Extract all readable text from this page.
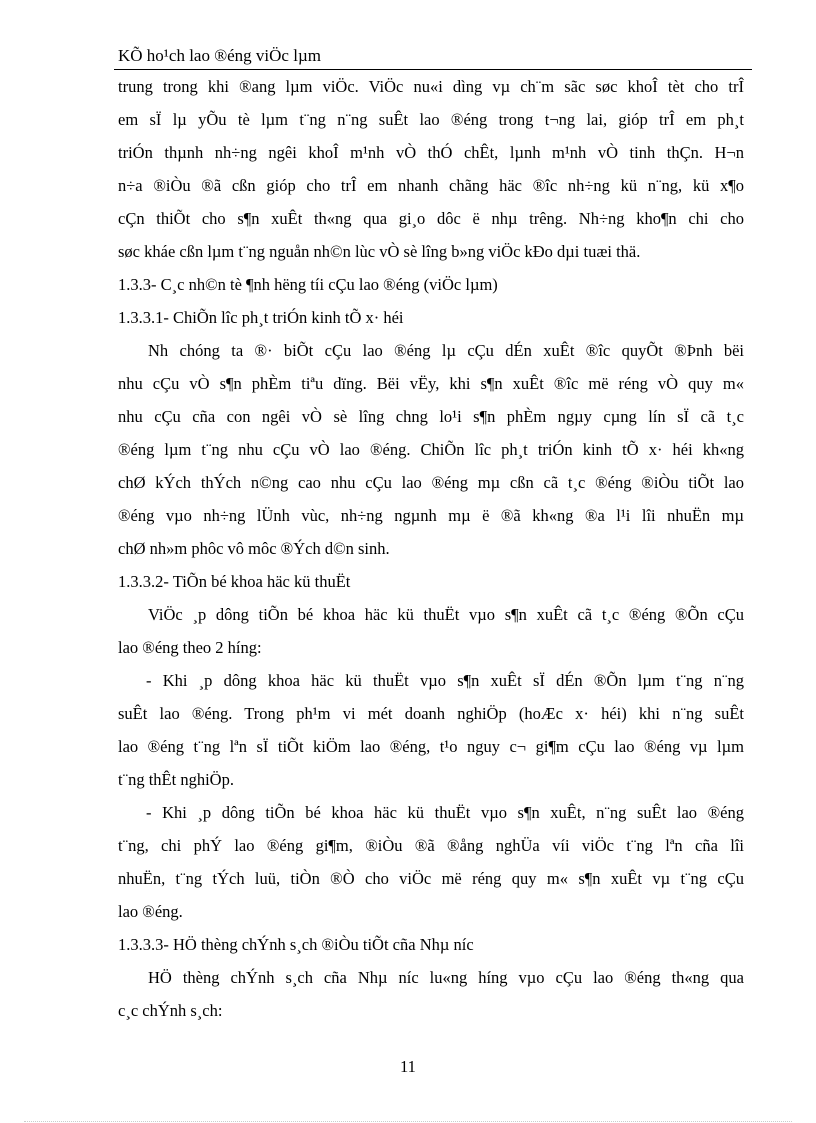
KÕ ho¹ch lao ®éng viÖc lµm
trung trong khi ®ang lµm viÖc. ViÖc nu«i dìng vµ ch¨m sãc søc khoÎ tèt cho trÎ
em sÏ lµ yÕu tè lµm t¨ng n¨ng suÊt lao ®éng trong t¬ng lai, gióp trÎ em ph¸t
triÓn thµnh nh÷ng ngêi khoÎ m¹nh vÒ thÓ chÊt, lµnh m¹nh vÒ tinh thÇn. H¬n
n÷a ®iÒu ®ã cßn gióp cho trÎ em nhanh chãng häc ®îc nh÷ng kü n¨ng, kü x¶o
cÇn thiÕt cho s¶n xuÊt th«ng qua gi¸o dôc ë nhµ trêng. Nh÷ng kho¶n chi cho
søc kháe cßn lµm t¨ng nguån nh©n lùc vÒ sè lîng b»ng viÖc kÐo dµi tuæi thä.
1.3.3- C¸c nh©n tè ¶nh hëng tíi cÇu lao ®éng (viÖc lµm)
1.3.3.1- ChiÕn lîc ph¸t triÓn kinh tÕ x· héi
Nh chóng ta ®· biÕt cÇu lao ®éng lµ cÇu dÉn xuÊt ®îc quyÕt ®Þnh bëi
nhu cÇu vÒ s¶n phÈm tiªu dïng. Bëi vËy, khi s¶n xuÊt ®îc më réng vÒ quy m«
nhu cÇu cña con ngêi vÒ sè lîng chng lo¹i s¶n phÈm ngµy cµng lín sÏ cã t¸c
®éng lµm t¨ng nhu cÇu vÒ lao ®éng. ChiÕn lîc ph¸t triÓn kinh tÕ x· héi kh«ng
chØ kÝch thÝch n©ng cao nhu cÇu lao ®éng mµ cßn cã t¸c ®éng ®iÒu tiÕt lao
®éng vµo nh÷ng lÜnh vùc, nh÷ng ngµnh mµ ë ®ã kh«ng ®a l¹i lîi nhuËn mµ
chØ nh»m phôc vô môc ®Ých d©n sinh.
1.3.3.2- TiÕn bé khoa häc kü thuËt
ViÖc ¸p dông tiÕn bé khoa häc kü thuËt vµo s¶n xuÊt cã t¸c ®éng ®Õn cÇu
lao ®éng theo 2 híng:
- Khi ¸p dông khoa häc kü thuËt vµo s¶n xuÊt sÏ dÉn ®Õn lµm t¨ng n¨ng
suÊt lao ®éng. Trong ph¹m vi mét doanh nghiÖp (hoÆc x· héi) khi n¨ng suÊt
lao ®éng t¨ng lªn sÏ tiÕt kiÖm lao ®éng, t¹o nguy c¬ gi¶m cÇu lao ®éng vµ lµm
t¨ng thÊt nghiÖp.
- Khi ¸p dông tiÕn bé khoa häc kü thuËt vµo s¶n xuÊt, n¨ng suÊt lao ®éng
t¨ng, chi phÝ lao ®éng gi¶m, ®iÒu ®ã ®ång nghÜa víi viÖc t¨ng lªn cña lîi
nhuËn, t¨ng tÝch luü, tiÒn ®Ò cho viÖc më réng quy m« s¶n xuÊt vµ t¨ng cÇu
lao ®éng.
1.3.3.3- HÖ thèng chÝnh s¸ch ®iÒu tiÕt cña Nhµ níc
HÖ thèng chÝnh s¸ch cña Nhµ níc lu«ng híng vµo cÇu lao ®éng th«ng qua
c¸c chÝnh s¸ch:
11
